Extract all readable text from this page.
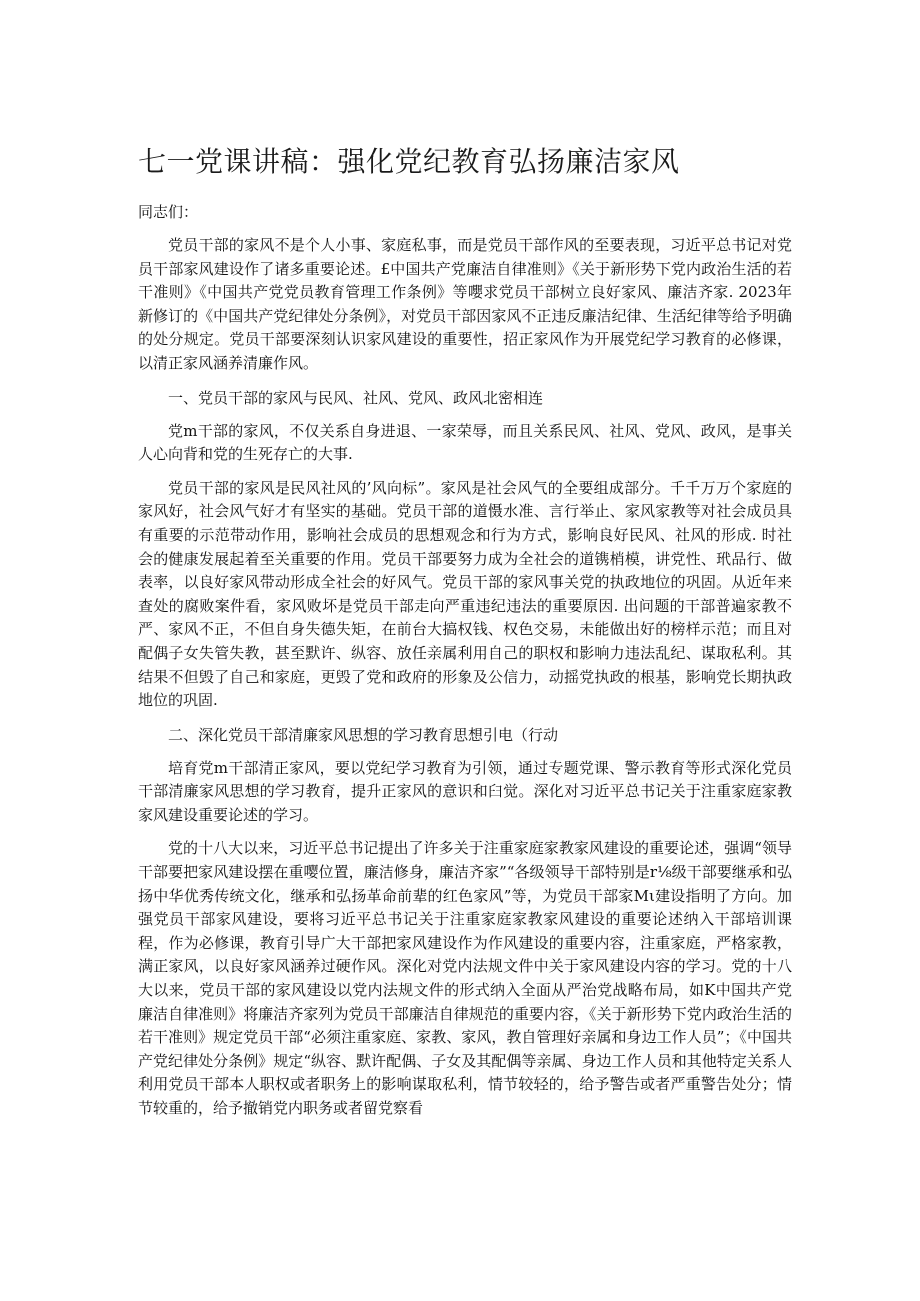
七一党课讲稿：强化党纪教育弘扬廉洁家风

同志们：

党员干部的家风不是个人小事、家庭私事，而是党员干部作风的至要表现，习近平总书记对党员干部家风建设作了诸多重要论述。£中国共产党廉洁自律准则》《关于新形势下党内政治生活的若干准则》《中国共产党党员教育管理工作条例》等嚶求党员干部树立良好家风、廉洁齐家. 2023年新修订的《中国共产党纪律处分条例》，对党员干部因家风不正违反廉洁纪律、生活纪律等给予明确的处分规定。党员干部要深刻认识家风建设的重要性，招正家风作为开展党纪学习教育的必修课，以清正家风涵养清廉作风。

一、党员干部的家风与民风、社风、党风、政风北密相连

党m干部的家风，不仅关系自身进退、一家荣辱，而且关系民风、社风、党风、政风，是事关人心向背和党的生死存亡的大事.

党员干部的家风是民风社风的’风向标”。家风是社会风气的全要组成部分。千千万万个家庭的家风好，社会风气好才有坚实的基础。党员干部的道慑水准、言行举止、家风家教等对社会成员具有重要的示范带动作用，影响社会成员的思想观念和行为方式，影响良好民风、社风的形成. 时社会的健康发展起着至关重要的作用。党员干部要努力成为全社会的道镌梢模，讲党性、玳品行、做表率，以良好家风带动形成全社会的好风气。党员干部的家风事关党的执政地位的巩固。从近年来查处的腐败案件看，家风败坏是党员干部走向严重违纪违法的重要原因. 出问题的干部普遍家教不严、家风不正，不但自身失德失矩，在前台大搞权钱、权色交易，未能做出好的榜样示范；而且对配偶子女失管失教，甚至默许、纵容、放任亲属利用自己的职权和影响力违法乱纪、谋取私利。其结果不但毁了自己和家庭，更毁了党和政府的形象及公信力，动摇党执政的根基，影响党长期执政地位的巩固.

二、深化党员干部清廉家风思想的学习教育思想引电（行动

培育党m干部清正家风，要以党纪学习教育为引领，通过专题党课、警示教育等形式深化党员干部清廉家风思想的学习教育，提升正家风的意识和臼觉。深化对习近平总书记关于注重家庭家教家风建设重要论述的学习。

党的十八大以来，习近平总书记提出了许多关于注重家庭家教家风建设的重要论述，强调“领导干部要把家风建设摆在重嘤位置，廉洁修身，廉洁齐家”“各级领导干部特别是r⅛级干部要继承和弘扬中华优秀传统文化，继承和弘扬革命前辈的红色家风”等，为党员干部家Mι建设指明了方向。加强党员干部家风建设，要将习近平总书记关于注重家庭家教家风建设的重要论述纳入干部培训课程，作为必修课，教育引导广大干部把家风建设作为作风建设的重要内容，注重家庭，严格家教，满正家风，以良好家风涵养过硬作风。深化对党内法规文件中关于家风建设内容的学习。党的十八大以来，党员干部的家风建设以党内法规文件的形式纳入全面从严治党战略布局，如K中国共产党廉洁自律准则》将廉洁齐家列为党员干部廉洁自律规范的重要内容，《关于新形势下党内政治生活的若干准则》规定党员干部“必须注重家庭、家教、家风，教自管理好亲属和身边工作人员”；《中国共产党纪律处分条例》规定“纵容、默许配偶、子女及其配偶等亲属、身边工作人员和其他特定关系人利用党员干部本人职权或者职务上的影响谋取私利，情节较轻的，给予警告或者严重警告处分；情节较重的，给予撤销党内职务或者留党察看
